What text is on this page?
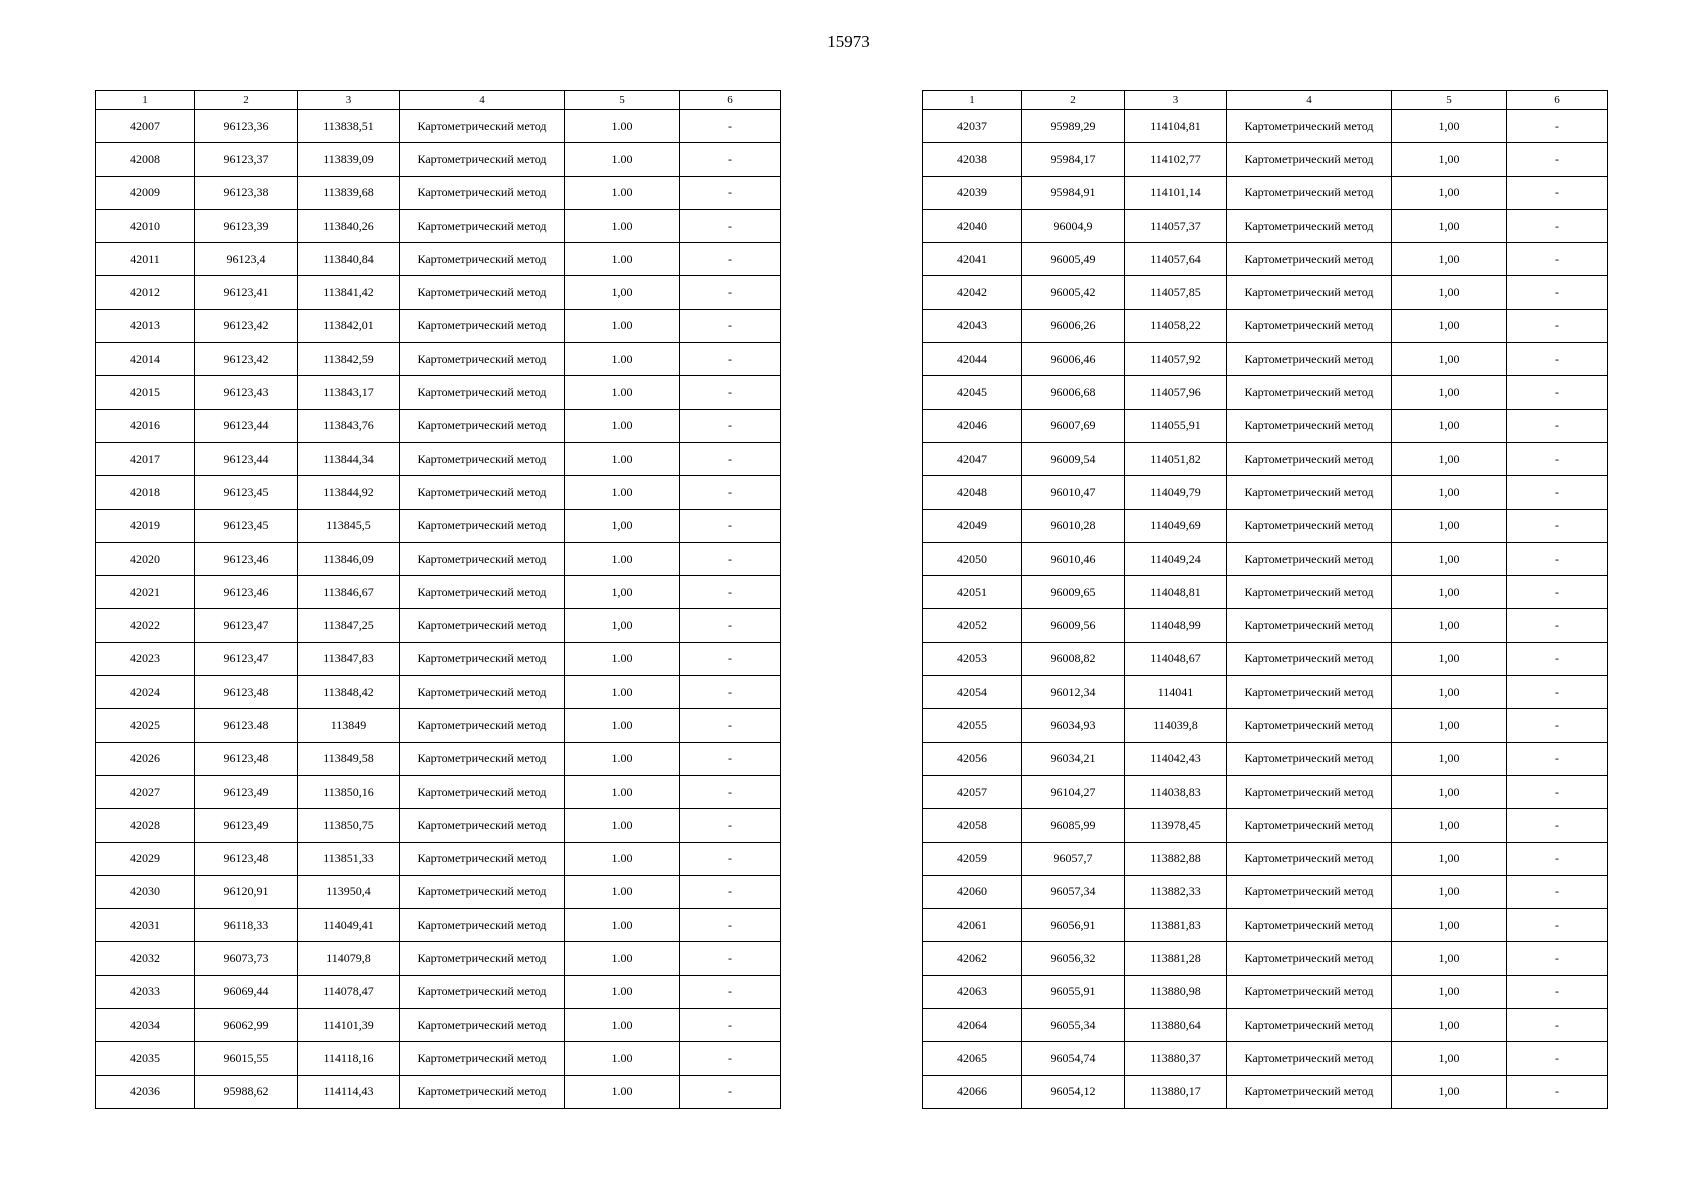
15973
1	2	3	4	5	6
42007	96123,36	113838,51	Картометрический метод	1.00	-
42008	96123,37	113839,09	Картометрический метод	1.00	-
42009	96123,38	113839,68	Картометрический метод	1.00	-
42010	96123,39	113840,26	Картометрический метод	1.00	-
42011	96123,4	113840,84	Картометрический метод	1.00	-
42012	96123,41	113841,42	Картометрический метод	1,00	-
42013	96123,42	113842,01	Картометрический метод	1.00	-
42014	96123,42	113842,59	Картометрический метод	1.00	-
42015	96123,43	113843,17	Картометрический метод	1.00	-
42016	96123,44	113843,76	Картометрический метод	1.00	-
42017	96123,44	113844,34	Картометрический метод	1.00	-
42018	96123,45	113844,92	Картометрический метод	1.00	-
42019	96123,45	113845,5	Картометрический метод	1,00	-
42020	96123,46	113846,09	Картометрический метод	1.00	-
42021	96123,46	113846,67	Картометрический метод	1,00	-
42022	96123,47	113847,25	Картометрический метод	1,00	-
42023	96123,47	113847,83	Картометрический метод	1.00	-
42024	96123,48	113848,42	Картометрический метод	1.00	-
42025	96123.48	113849	Картометрический метод	1.00	-
42026	96123,48	113849,58	Картометрический метод	1.00	-
42027	96123,49	113850,16	Картометрический метод	1.00	-
42028	96123,49	113850,75	Картометрический метод	1.00	-
42029	96123,48	113851,33	Картометрический метод	1.00	-
42030	96120,91	113950,4	Картометрический метод	1.00	-
42031	96118,33	114049,41	Картометрический метод	1.00	-
42032	96073,73	114079,8	Картометрический метод	1.00	-
42033	96069,44	114078,47	Картометрический метод	1.00	-
42034	96062,99	114101,39	Картометрический метод	1.00	-
42035	96015,55	114118,16	Картометрический метод	1.00	-
42036	95988,62	114114,43	Картометрический метод	1.00	-
1	2	3	4	5	6
42037	95989,29	114104,81	Картометрический метод	1,00	-
42038	95984,17	114102,77	Картометрический метод	1,00	-
42039	95984,91	114101,14	Картометрический метод	1,00	-
42040	96004,9	114057,37	Картометрический метод	1,00	-
42041	96005,49	114057,64	Картометрический метод	1,00	-
42042	96005,42	114057,85	Картометрический метод	1,00	-
42043	96006,26	114058,22	Картометрический метод	1,00	-
42044	96006,46	114057,92	Картометрический метод	1,00	-
42045	96006,68	114057,96	Картометрический метод	1,00	-
42046	96007,69	114055,91	Картометрический метод	1,00	-
42047	96009,54	114051,82	Картометрический метод	1,00	-
42048	96010,47	114049,79	Картометрический метод	1,00	-
42049	96010,28	114049,69	Картометрический метод	1,00	-
42050	96010,46	114049,24	Картометрический метод	1,00	-
42051	96009,65	114048,81	Картометрический метод	1,00	-
42052	96009,56	114048,99	Картометрический метод	1,00	-
42053	96008,82	114048,67	Картометрический метод	1,00	-
42054	96012,34	114041	Картометрический метод	1,00	-
42055	96034,93	114039,8	Картометрический метод	1,00	-
42056	96034,21	114042,43	Картометрический метод	1,00	-
42057	96104,27	114038,83	Картометрический метод	1,00	-
42058	96085,99	113978,45	Картометрический метод	1,00	-
42059	96057,7	113882,88	Картометрический метод	1,00	-
42060	96057,34	113882,33	Картометрический метод	1,00	-
42061	96056,91	113881,83	Картометрический метод	1,00	-
42062	96056,32	113881,28	Картометрический метод	1,00	-
42063	96055,91	113880,98	Картометрический метод	1,00	-
42064	96055,34	113880,64	Картометрический метод	1,00	-
42065	96054,74	113880,37	Картометрический метод	1,00	-
42066	96054,12	113880,17	Картометрический метод	1,00	-
